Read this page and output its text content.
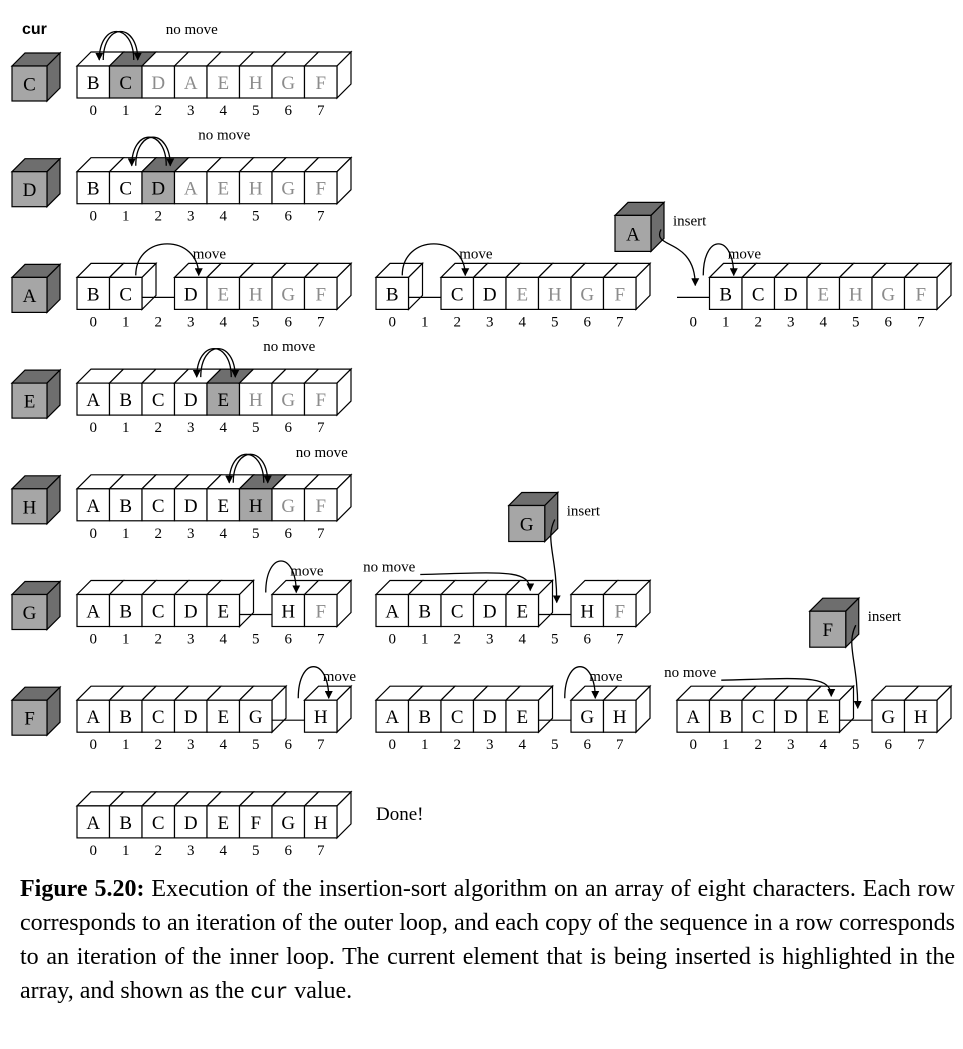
cur
C	B C D A E H G F
0 1 2 3 4 5 6 7
no move
D	B C D A E H G F
0 1 2 3 4 5 6 7
no move
A	B C	D E H G F
0 1 2 3 4 5 6 7
move
B	C D E H G F
0 1 2 3 4 5 6 7
move
B C D E H G F
0 1 2 3 4 5 6 7
move
A
insert
E	A B C D E H G F
0 1 2 3 4 5 6 7
no move
H	A B C D E H G F
0 1 2 3 4 5 6 7
no move
G	A B C D E	H F
0 1 2 3 4 5 6 7
move
A B C D E	H F
0 1 2 3 4 5 6 7
no move
G
insert
F	A B C D E G	H
0 1 2 3 4 5 6 7
move
A B C D E	G H
0 1 2 3 4 5 6 7
move
A B C D E	G H
0 1 2 3 4 5 6 7
no move
F
insert
A B C D E F G H
0 1 2 3 4 5 6 7
Done!

Figure 5.20: Execution of the insertion-sort algorithm on an array of eight characters. Each row corresponds to an iteration of the outer loop, and each copy of the sequence in a row corresponds to an iteration of the inner loop. The current element that is being inserted is highlighted in the array, and shown as the cur value.
